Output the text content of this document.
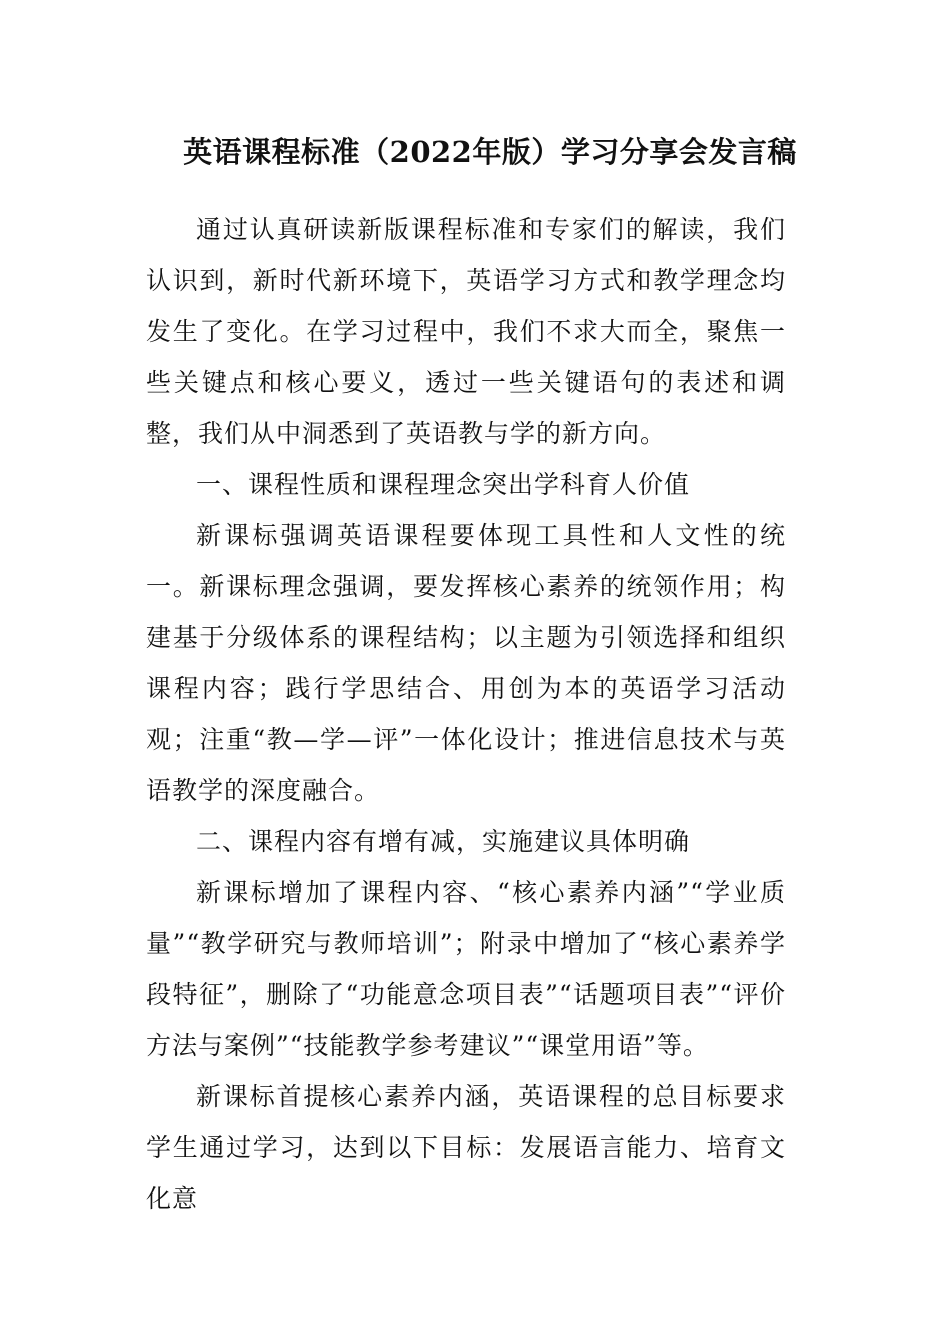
英语课程标准（2022年版）学习分享会发言稿

通过认真研读新版课程标准和专家们的解读，我们认识到，新时代新环境下，英语学习方式和教学理念均发生了变化。在学习过程中，我们不求大而全，聚焦一些关键点和核心要义，透过一些关键语句的表述和调整，我们从中洞悉到了英语教与学的新方向。

一、课程性质和课程理念突出学科育人价值

新课标强调英语课程要体现工具性和人文性的统一。新课标理念强调，要发挥核心素养的统领作用；构建基于分级体系的课程结构；以主题为引领选择和组织课程内容；践行学思结合、用创为本的英语学习活动观；注重“教—学—评”一体化设计；推进信息技术与英语教学的深度融合。

二、课程内容有增有减，实施建议具体明确

新课标增加了课程内容、“核心素养内涵”“学业质量”“教学研究与教师培训”；附录中增加了“核心素养学段特征”，删除了“功能意念项目表”“话题项目表”“评价方法与案例”“技能教学参考建议”“课堂用语”等。

新课标首提核心素养内涵，英语课程的总目标要求学生通过学习，达到以下目标：发展语言能力、培育文化意
